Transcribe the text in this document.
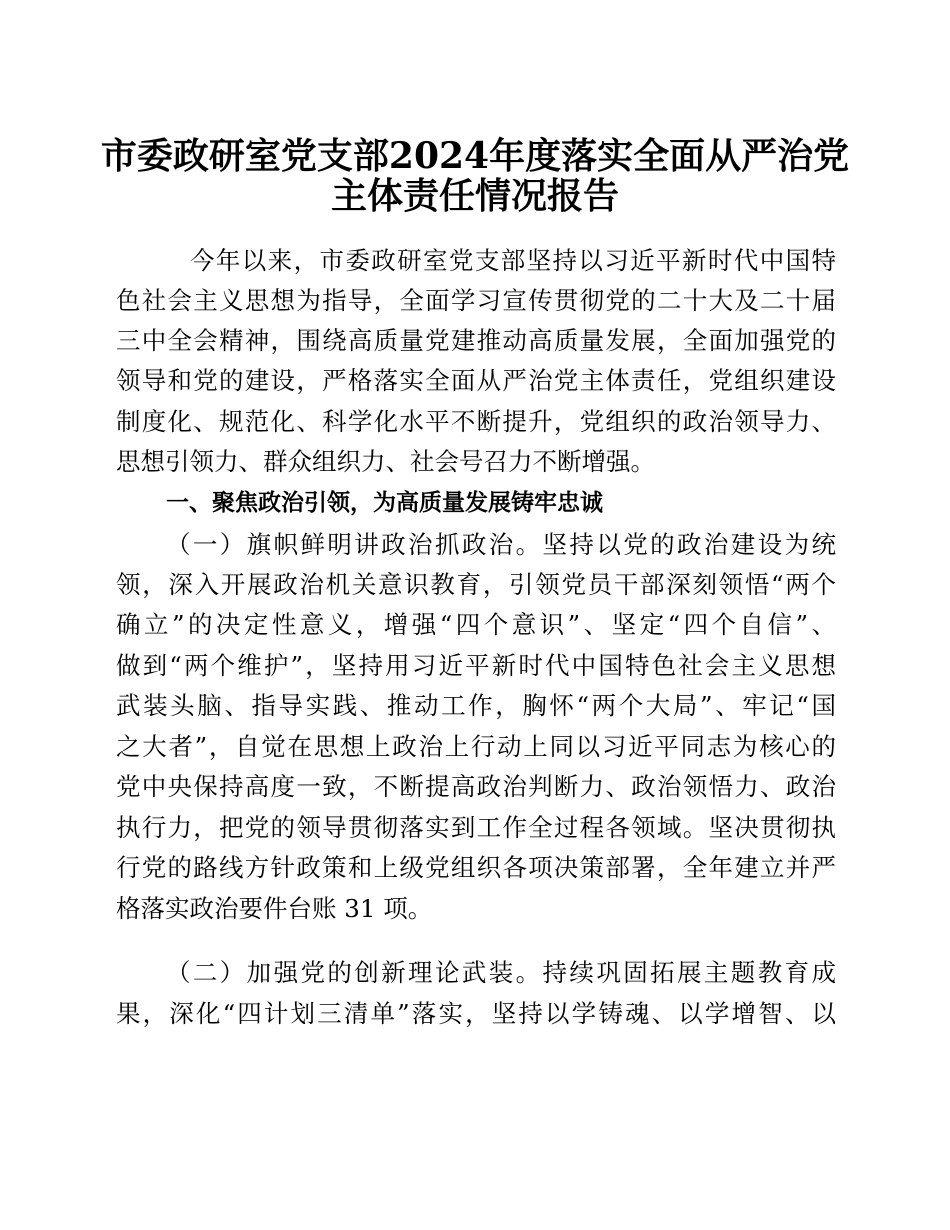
市委政研室党支部2024年度落实全面从严治党
主体责任情况报告
今年以来，市委政研室党支部坚持以习近平新时代中国特
色社会主义思想为指导，全面学习宣传贯彻党的二十大及二十届
三中全会精神，围绕高质量党建推动高质量发展，全面加强党的
领导和党的建设，严格落实全面从严治党主体责任，党组织建设
制度化、规范化、科学化水平不断提升，党组织的政治领导力、
思想引领力、群众组织力、社会号召力不断增强。
一、聚焦政治引领，为高质量发展铸牢忠诚
（一）旗帜鲜明讲政治抓政治。坚持以党的政治建设为统
领，深入开展政治机关意识教育，引领党员干部深刻领悟“两个
确立”的决定性意义，增强“四个意识”、坚定“四个自信”、
做到“两个维护”，坚持用习近平新时代中国特色社会主义思想
武装头脑、指导实践、推动工作，胸怀“两个大局”、牢记“国
之大者”，自觉在思想上政治上行动上同以习近平同志为核心的
党中央保持高度一致，不断提高政治判断力、政治领悟力、政治
执行力，把党的领导贯彻落实到工作全过程各领域。坚决贯彻执
行党的路线方针政策和上级党组织各项决策部署，全年建立并严
格落实政治要件台账 31 项。
（二）加强党的创新理论武装。持续巩固拓展主题教育成
果，深化“四计划三清单”落实，坚持以学铸魂、以学增智、以
